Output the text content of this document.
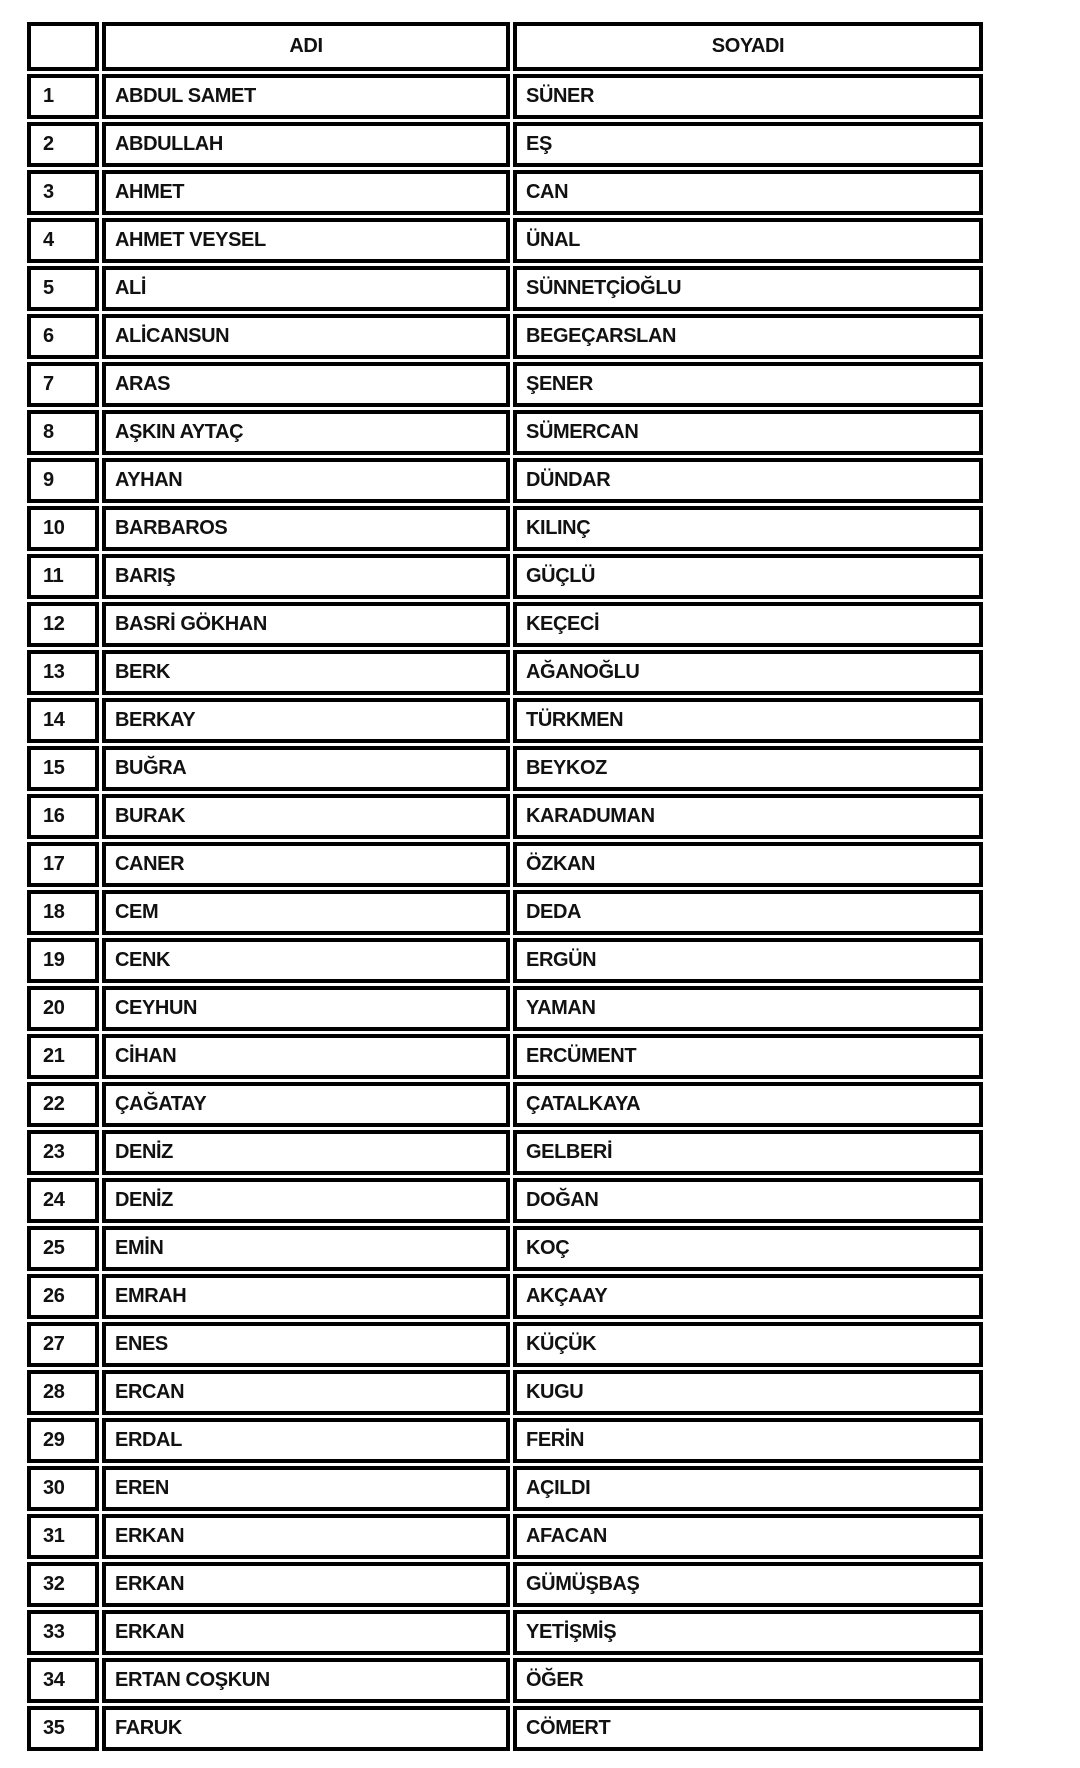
	ADI	SOYADI
1	ABDUL SAMET	SÜNER
2	ABDULLAH	EŞ
3	AHMET	CAN
4	AHMET VEYSEL	ÜNAL
5	ALİ	SÜNNETÇİOĞLU
6	ALİCANSUN	BEGEÇARSLAN
7	ARAS	ŞENER
8	AŞKIN AYTAÇ	SÜMERCAN
9	AYHAN	DÜNDAR
10	BARBAROS	KILINÇ
11	BARIŞ	GÜÇLÜ
12	BASRİ GÖKHAN	KEÇECİ
13	BERK	AĞANOĞLU
14	BERKAY	TÜRKMEN
15	BUĞRA	BEYKOZ
16	BURAK	KARADUMAN
17	CANER	ÖZKAN
18	CEM	DEDA
19	CENK	ERGÜN
20	CEYHUN	YAMAN
21	CİHAN	ERCÜMENT
22	ÇAĞATAY	ÇATALKAYA
23	DENİZ	GELBERİ
24	DENİZ	DOĞAN
25	EMİN	KOÇ
26	EMRAH	AKÇAAY
27	ENES	KÜÇÜK
28	ERCAN	KUGU
29	ERDAL	FERİN
30	EREN	AÇILDI
31	ERKAN	AFACAN
32	ERKAN	GÜMÜŞBAŞ
33	ERKAN	YETİŞMİŞ
34	ERTAN COŞKUN	ÖĞER
35	FARUK	CÖMERT
